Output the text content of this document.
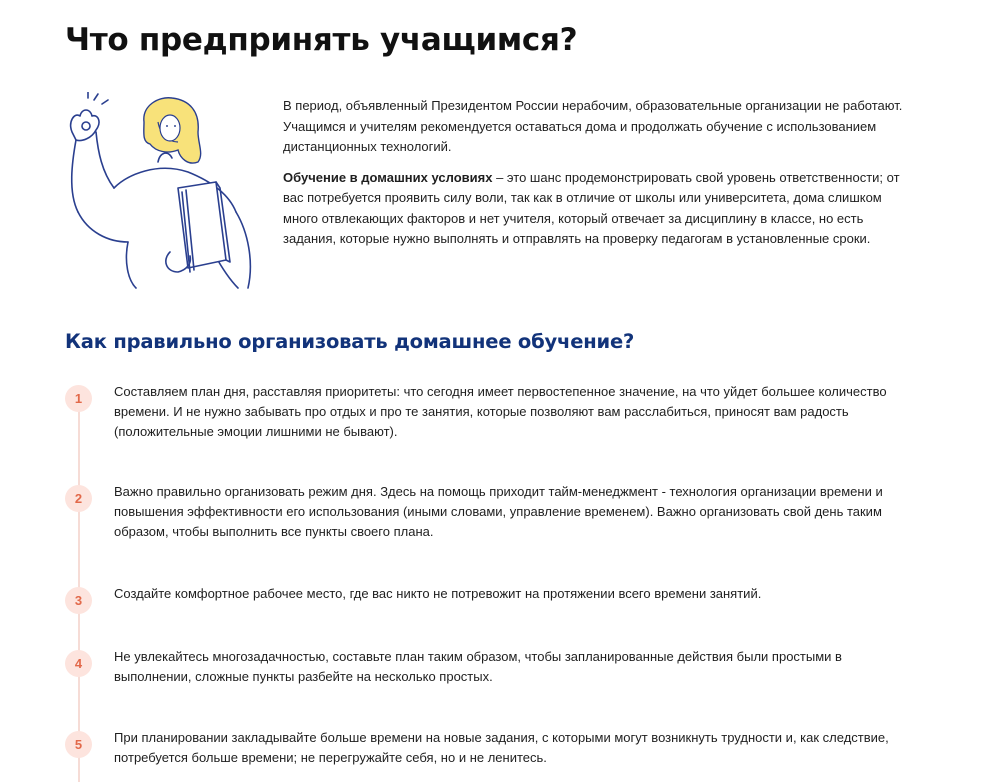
Что предпринять учащимся?

В период, объявленный Президентом России нерабочим, образовательные организации не работают. Учащимся и учителям рекомендуется оставаться дома и продолжать обучение с использованием дистанционных технологий.

Обучение в домашних условиях – это шанс продемонстрировать свой уровень ответственности; от вас потребуется проявить силу воли, так как в отличие от школы или университета, дома слишком много отвлекающих факторов и нет учителя, который отвечает за дисциплину в классе, но есть задания, которые нужно выполнять и отправлять на проверку педагогам в установленные сроки.

Как правильно организовать домашнее обучение?
1	Составляем план дня, расставляя приоритеты: что сегодня имеет первостепенное значение, на что уйдет большее количество времени. И не нужно забывать про отдых и про те занятия, которые позволяют вам расслабиться, приносят вам радость (положительные эмоции лишними не бывают).
2	Важно правильно организовать режим дня. Здесь на помощь приходит тайм-менеджмент - технология организации времени и повышения эффективности его использования (иными словами, управление временем). Важно организовать свой день таким образом, чтобы выполнить все пункты своего плана.
3	Создайте комфортное рабочее место, где вас никто не потревожит на протяжении всего времени занятий.
4	Не увлекайтесь многозадачностью, составьте план таким образом, чтобы запланированные действия были простыми в выполнении, сложные пункты разбейте на несколько простых.
5	При планировании закладывайте больше времени на новые задания, с которыми могут возникнуть трудности и, как следствие, потребуется больше времени; не перегружайте себя, но и не ленитесь.
